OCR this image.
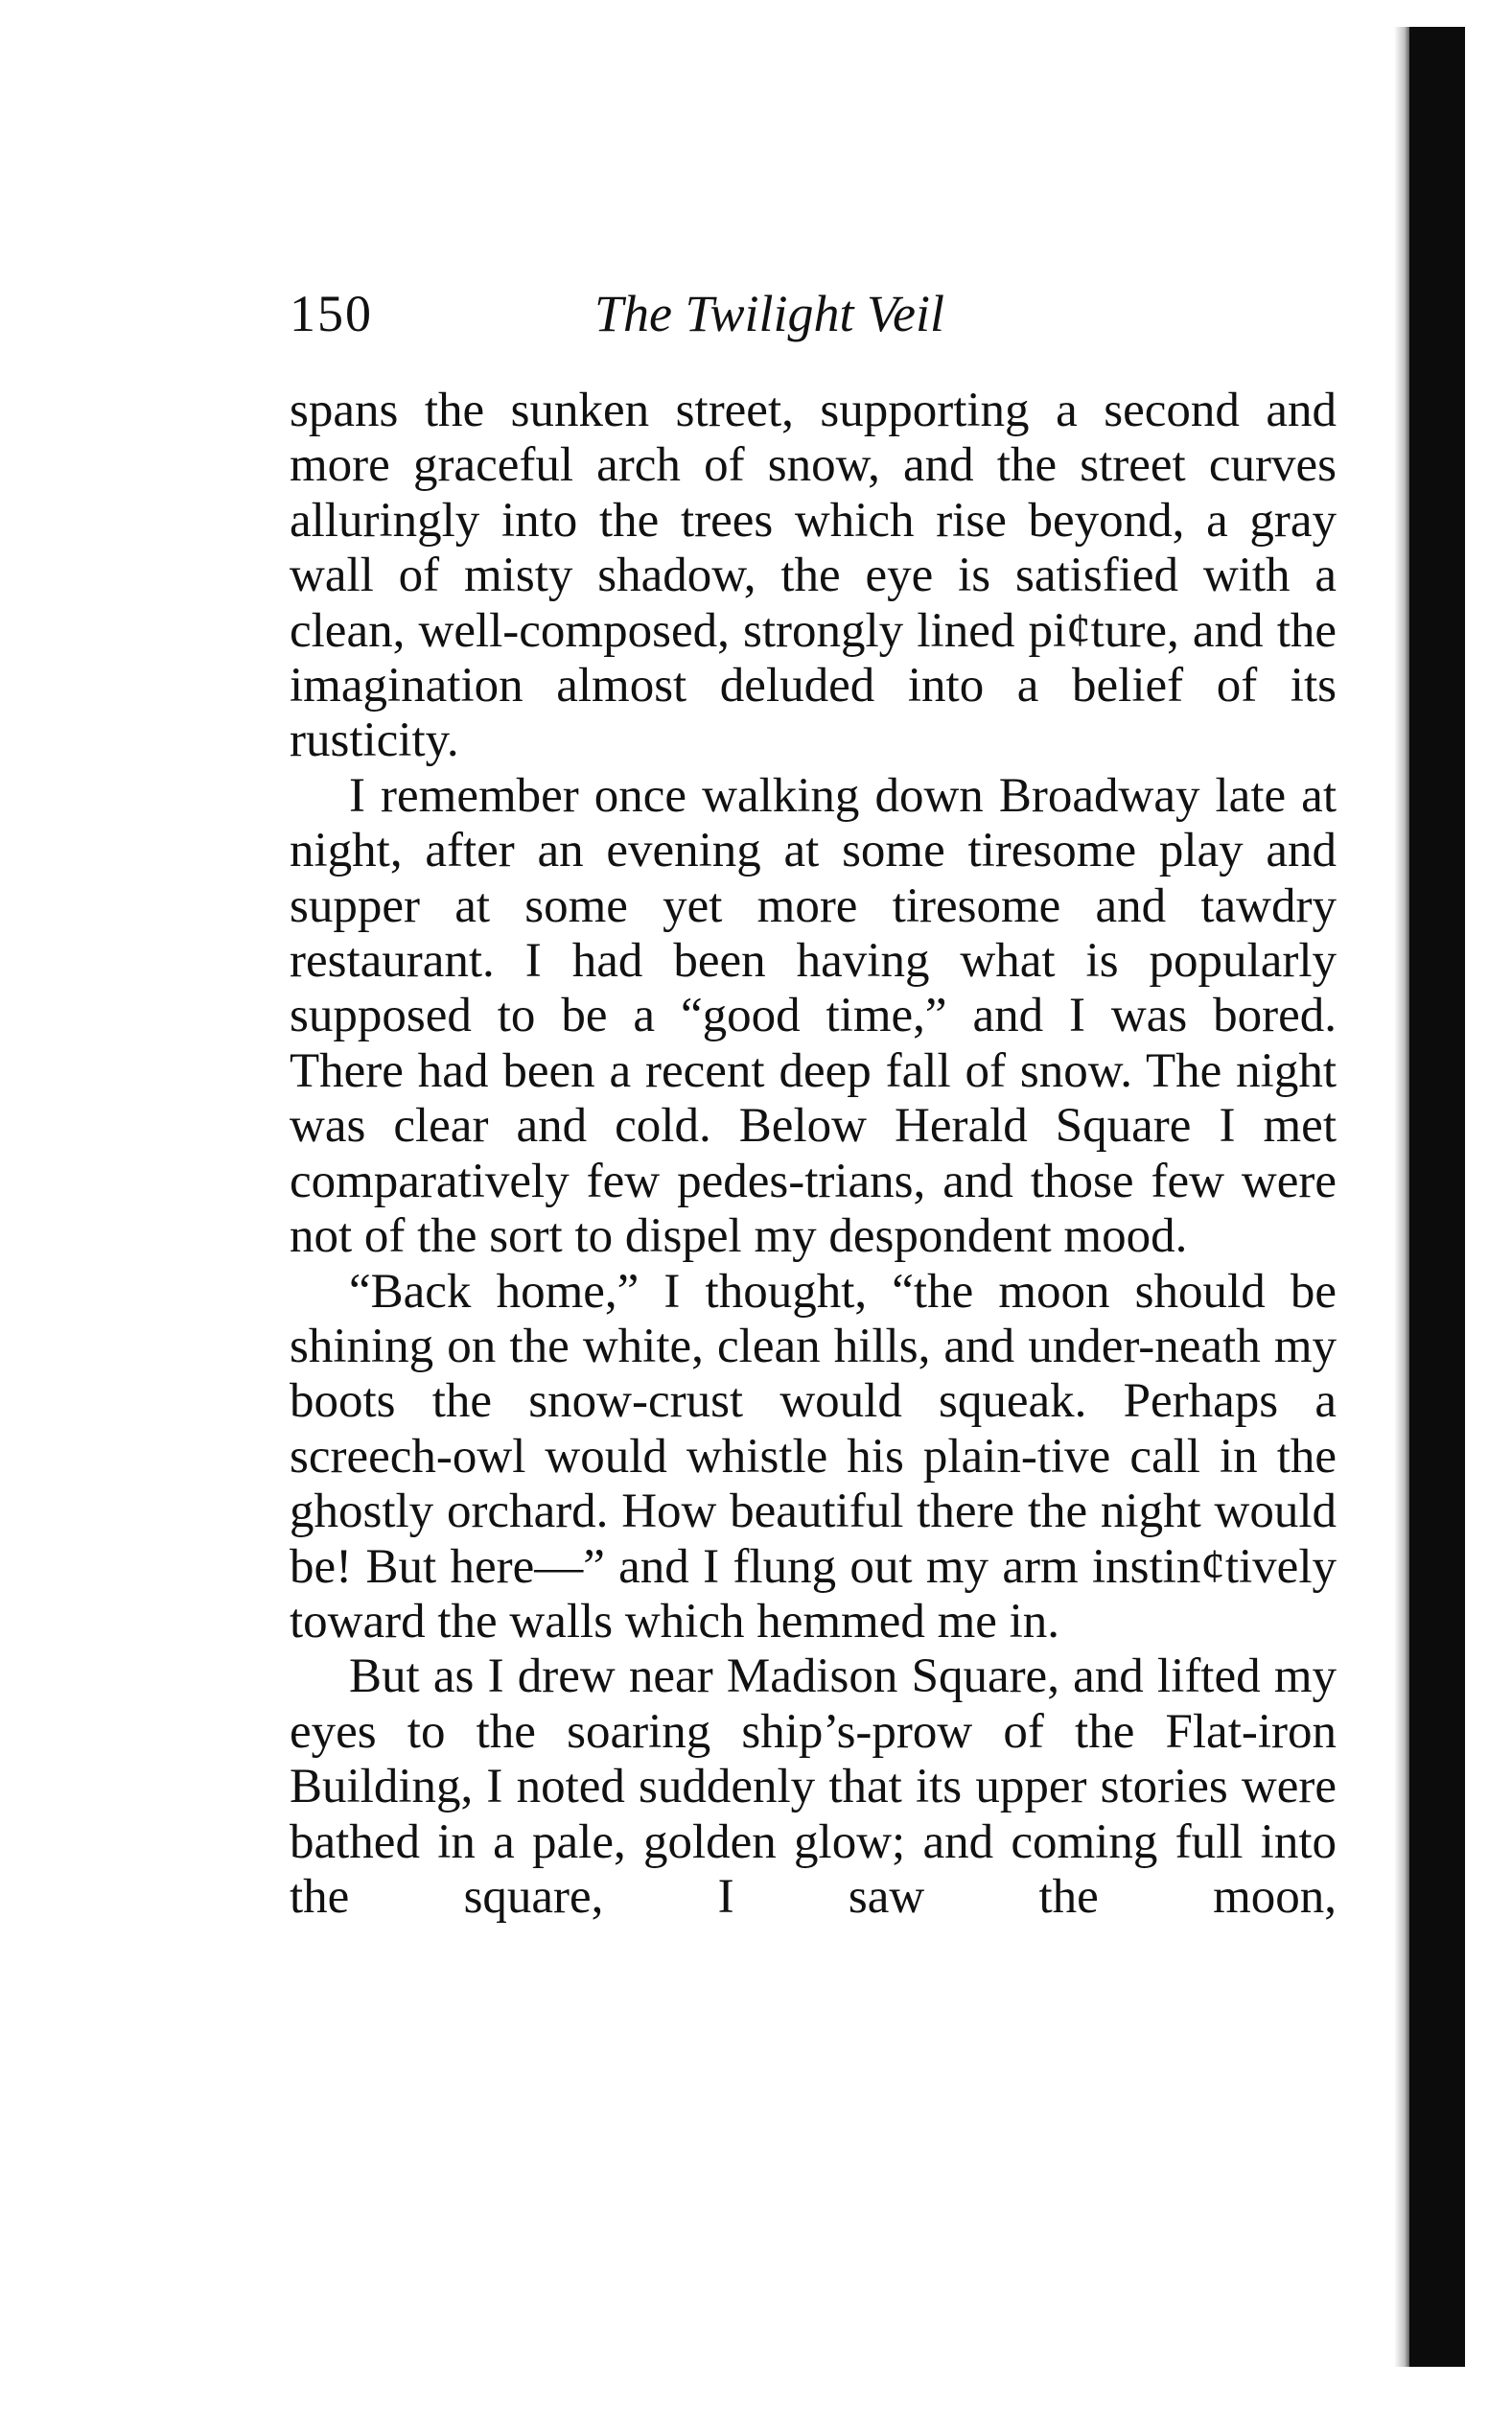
150	The Twilight Veil

spans the sunken street, supporting a second and more graceful arch of snow, and the street curves alluringly into the trees which rise beyond, a gray wall of misty shadow, the eye is satisfied with a clean, well-composed, strongly lined pi¢ture, and the imagination almost deluded into a belief of its rusticity.

I remember once walking down Broadway late at night, after an evening at some tiresome play and supper at some yet more tiresome and tawdry restaurant. I had been having what is popularly supposed to be a “good time,” and I was bored. There had been a recent deep fall of snow. The night was clear and cold. Below Herald Square I met comparatively few pedes-trians, and those few were not of the sort to dispel my despondent mood.

“Back home,” I thought, “the moon should be shining on the white, clean hills, and under-neath my boots the snow-crust would squeak. Perhaps a screech-owl would whistle his plain-tive call in the ghostly orchard. How beautiful there the night would be! But here—” and I flung out my arm instin¢tively toward the walls which hemmed me in.

But as I drew near Madison Square, and lifted my eyes to the soaring ship’s-prow of the Flat-iron Building, I noted suddenly that its upper stories were bathed in a pale, golden glow; and coming full into the square, I saw the moon,
